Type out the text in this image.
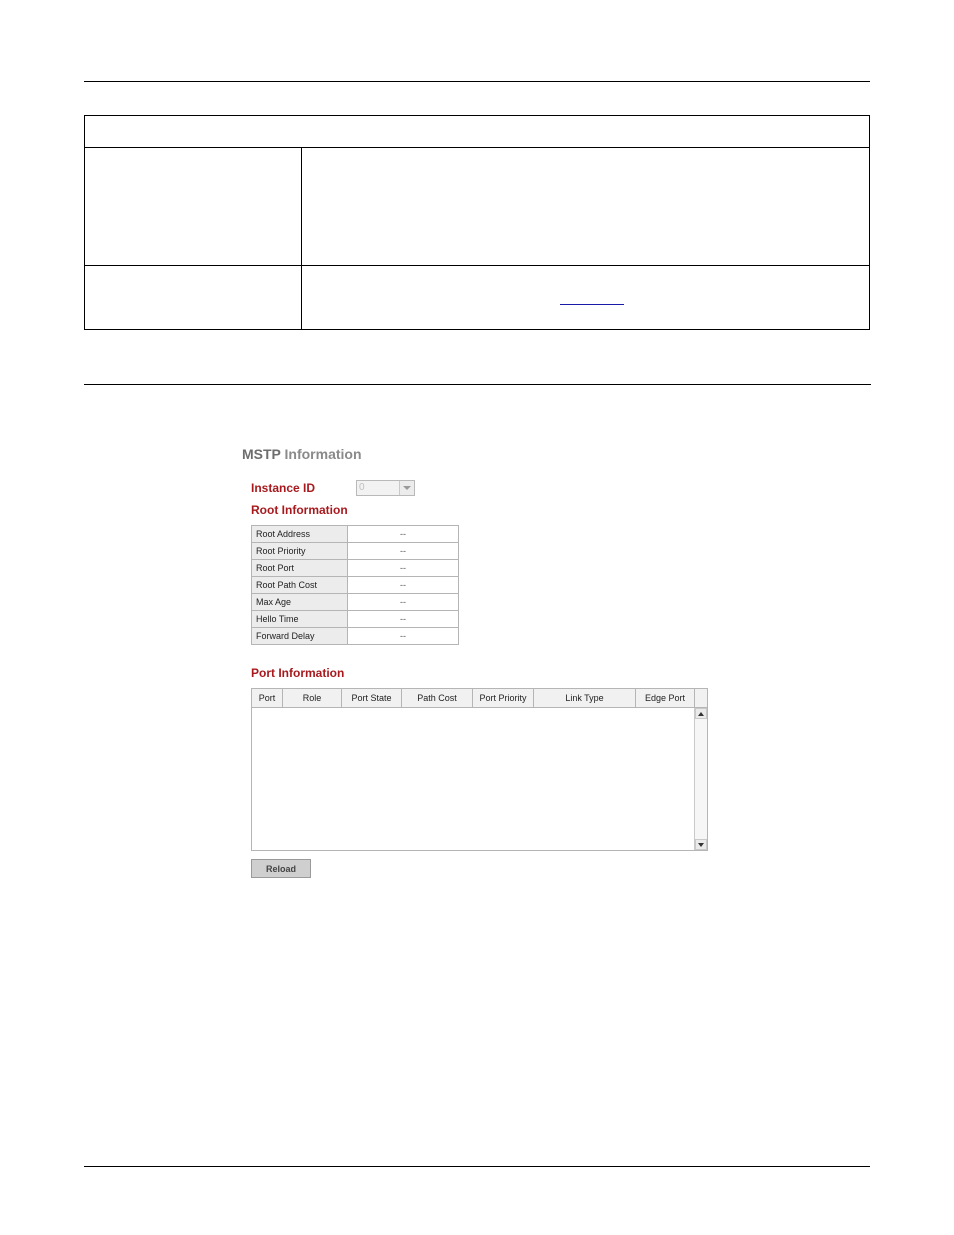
MSTP Information
Instance ID	0
Root Information
Root Address	--
Root Priority	--
Root Port	--
Root Path Cost	--
Max Age	--
Hello Time	--
Forward Delay	--
Port Information
Port	Role	Port State	Path Cost	Port Priority	Link Type	Edge Port
Reload
